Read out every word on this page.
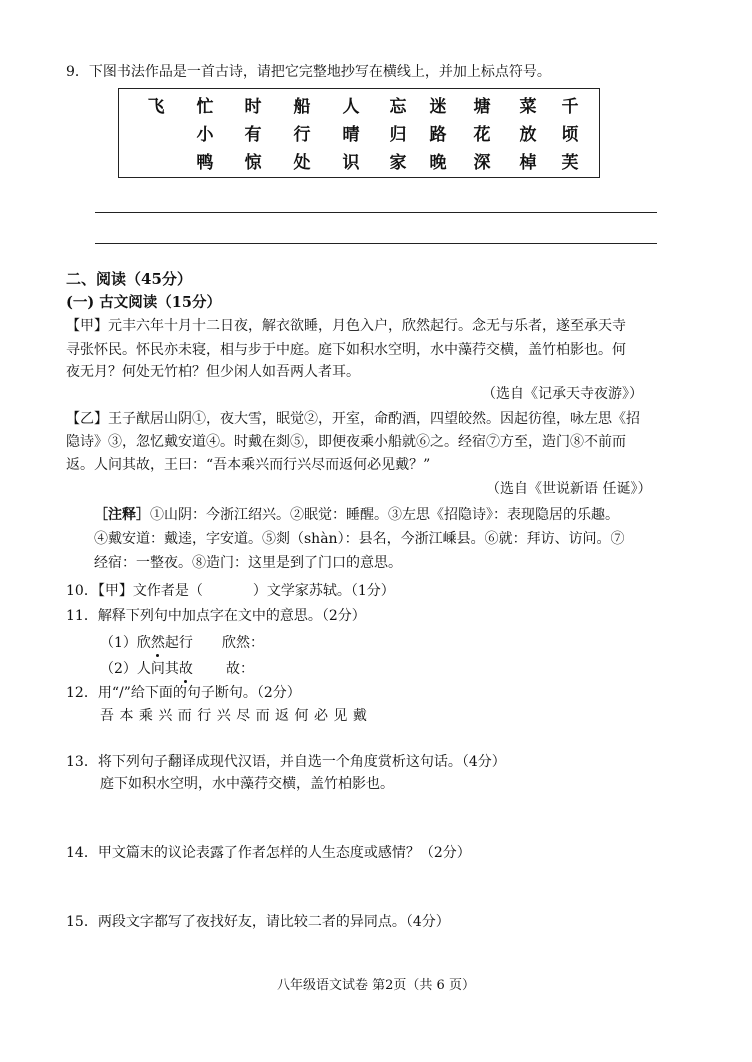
9．下图书法作品是一首古诗，请把它完整地抄写在横线上，并加上标点符号。
飞 忙 时 船 人 忘 迷 塘 菜 千
小 有 行 晴 归 路 花 放 顷
鸭 惊 处 识 家 晚 深 棹 芙
二、阅读（45分）
(一) 古文阅读（15分）
【甲】元丰六年十月十二日夜，解衣欲睡，月色入户，欣然起行。念无与乐者，遂至承天寺
寻张怀民。怀民亦未寝，相与步于中庭。庭下如积水空明，水中藻荇交横，盖竹柏影也。何
夜无月？何处无竹柏？但少闲人如吾两人者耳。
（选自《记承天寺夜游》）
【乙】王子猷居山阴①，夜大雪，眠觉②，开室，命酌酒，四望皎然。因起彷徨，咏左思《招
隐诗》③，忽忆戴安道④。时戴在剡⑤，即便夜乘小船就⑥之。经宿⑦方至，造门⑧不前而
返。人问其故，王曰：“吾本乘兴而行兴尽而返何必见戴？”
（选自《世说新语 任诞》）
［注释］①山阴：今浙江绍兴。②眠觉：睡醒。③左思《招隐诗》：表现隐居的乐趣。
④戴安道：戴逵，字安道。⑤剡（shàn）：县名，今浙江嵊县。⑥就：拜访、访问。⑦
经宿：一整夜。⑧造门：这里是到了门口的意思。
10．【甲】文作者是（	）文学家苏轼。（1分）
11．解释下列句中加点字在文中的意思。（2分）
（1）欣然起行 欣然：
（2）人问其故 故：
12．用“/”给下面的句子断句。（2分）
吾 本 乘 兴 而 行 兴 尽 而 返 何 必 见 戴
13．将下列句子翻译成现代汉语，并自选一个角度赏析这句话。（4分）
庭下如积水空明，水中藻荇交横，盖竹柏影也。
14．甲文篇末的议论表露了作者怎样的人生态度或感情？（2分）
15．两段文字都写了夜找好友，请比较二者的异同点。（4分）
八年级语文试卷 第2页（共 6 页）
